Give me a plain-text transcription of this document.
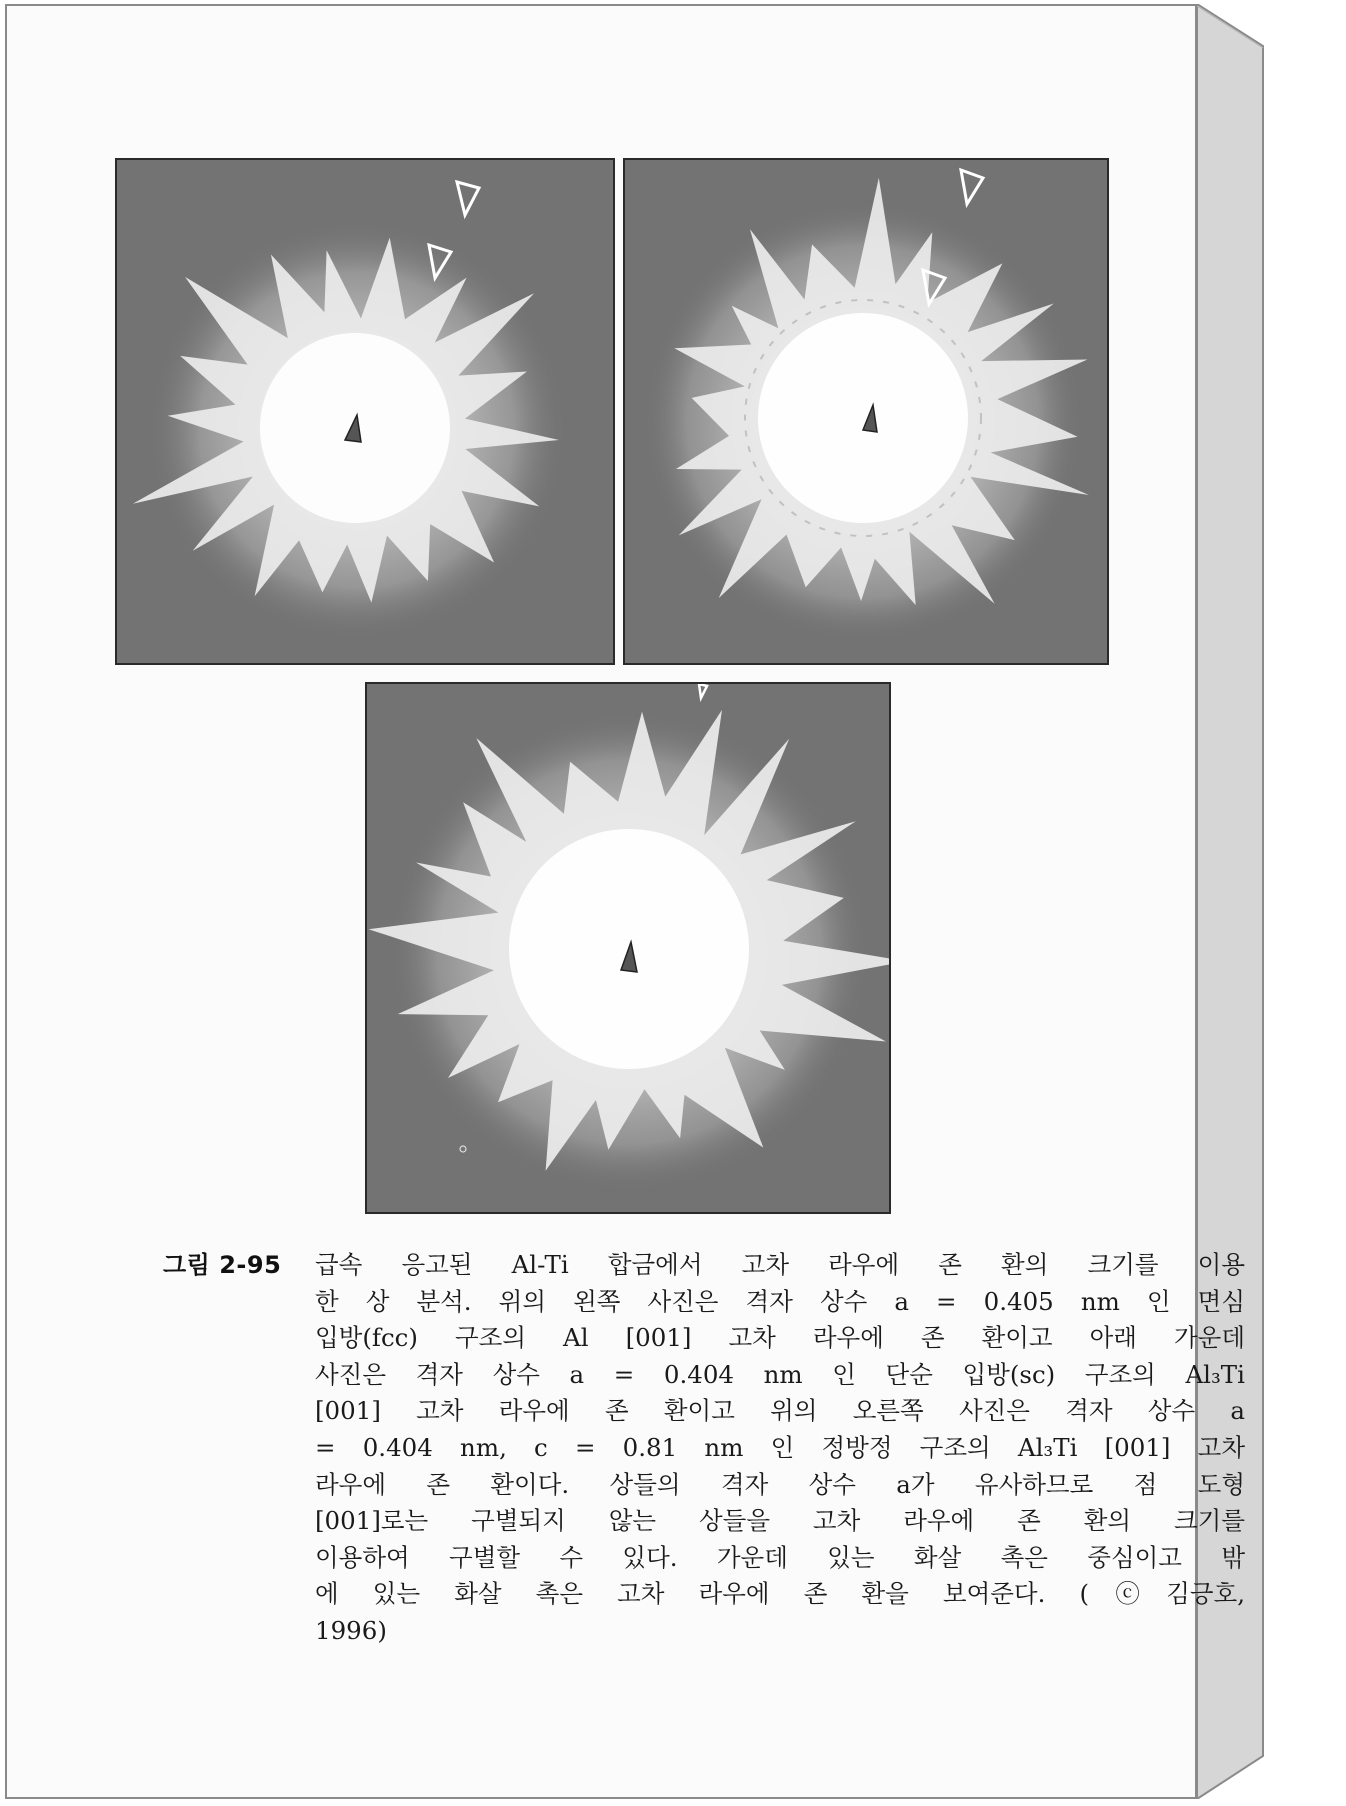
그림 2-95 급속 응고된 Al-Ti 합금에서 고차 라우에 존 환의 크기를 이용
한 상 분석. 위의 왼쪽 사진은 격자 상수 a = 0.405 nm 인 면심
입방(fcc) 구조의 Al [001] 고차 라우에 존 환이고 아래 가운데
사진은 격자 상수 a = 0.404 nm 인 단순 입방(sc) 구조의 Al₃Ti
[001] 고차 라우에 존 환이고 위의 오른쪽 사진은 격자 상수 a
= 0.404 nm, c = 0.81 nm 인 정방정 구조의 Al₃Ti [001] 고차
라우에 존 환이다. 상들의 격자 상수 a가 유사하므로 점 도형
[001]로는 구별되지 않는 상들을 고차 라우에 존 환의 크기를
이용하여 구별할 수 있다. 가운데 있는 화살 촉은 중심이고 밖
에 있는 화살 촉은 고차 라우에 존 환을 보여준다. (ⓒ김긍호,
1996)
